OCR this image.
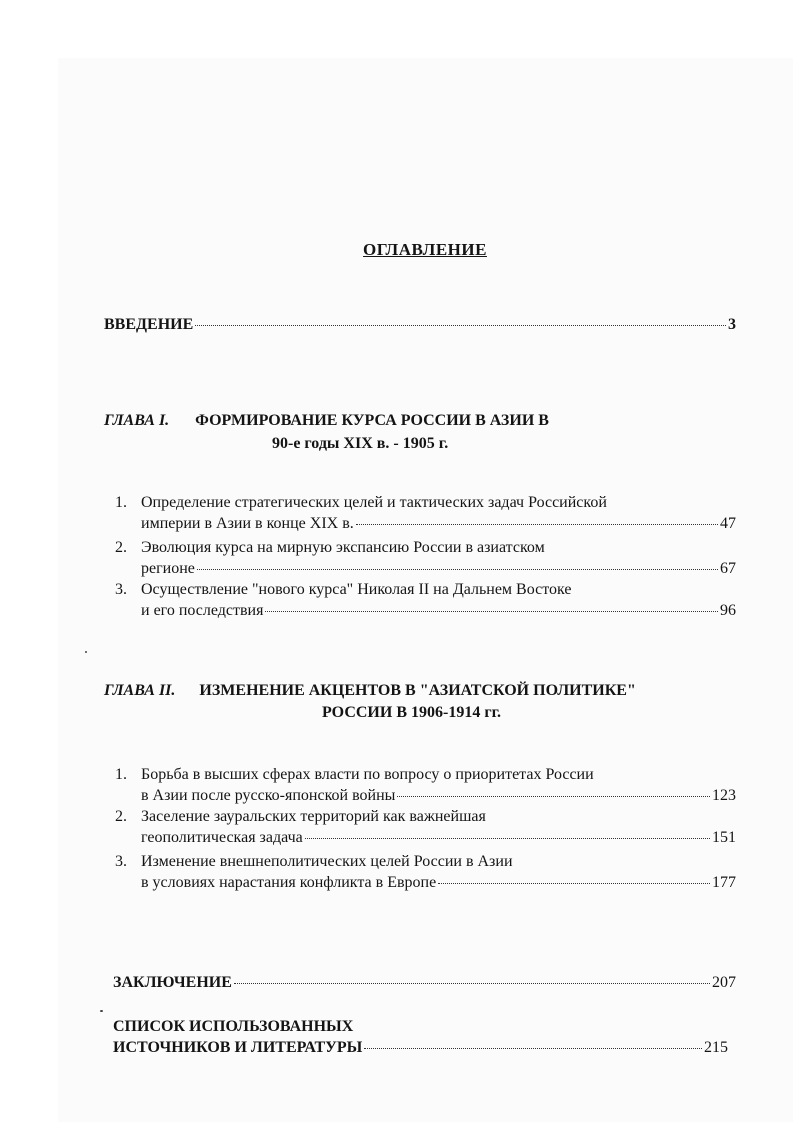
ОГЛАВЛЕНИЕ
ВВЕДЕНИЕ	3
ГЛАВА I. ФОРМИРОВАНИЕ КУРСА РОССИИ В АЗИИ В
90-е годы XIX в. - 1905 г.
1. Определение стратегических целей и тактических задач Российской
империи в Азии в конце XIX в.	47
2. Эволюция курса на мирную экспансию России в азиатском
регионе	67
3. Осуществление "нового курса" Николая II на Дальнем Востоке
и его последствия	96
ГЛАВА II. ИЗМЕНЕНИЕ АКЦЕНТОВ В "АЗИАТСКОЙ ПОЛИТИКЕ"
РОССИИ В 1906-1914 гг.
1. Борьба в высших сферах власти по вопросу о приоритетах России
в Азии после русско-японской войны	123
2. Заселение зауральских территорий как важнейшая
геополитическая задача	151
3. Изменение внешнеполитических целей России в Азии
в условиях нарастания конфликта в Европе	177
ЗАКЛЮЧЕНИЕ	207
СПИСОК ИСПОЛЬЗОВАННЫХ
ИСТОЧНИКОВ И ЛИТЕРАТУРЫ	215
